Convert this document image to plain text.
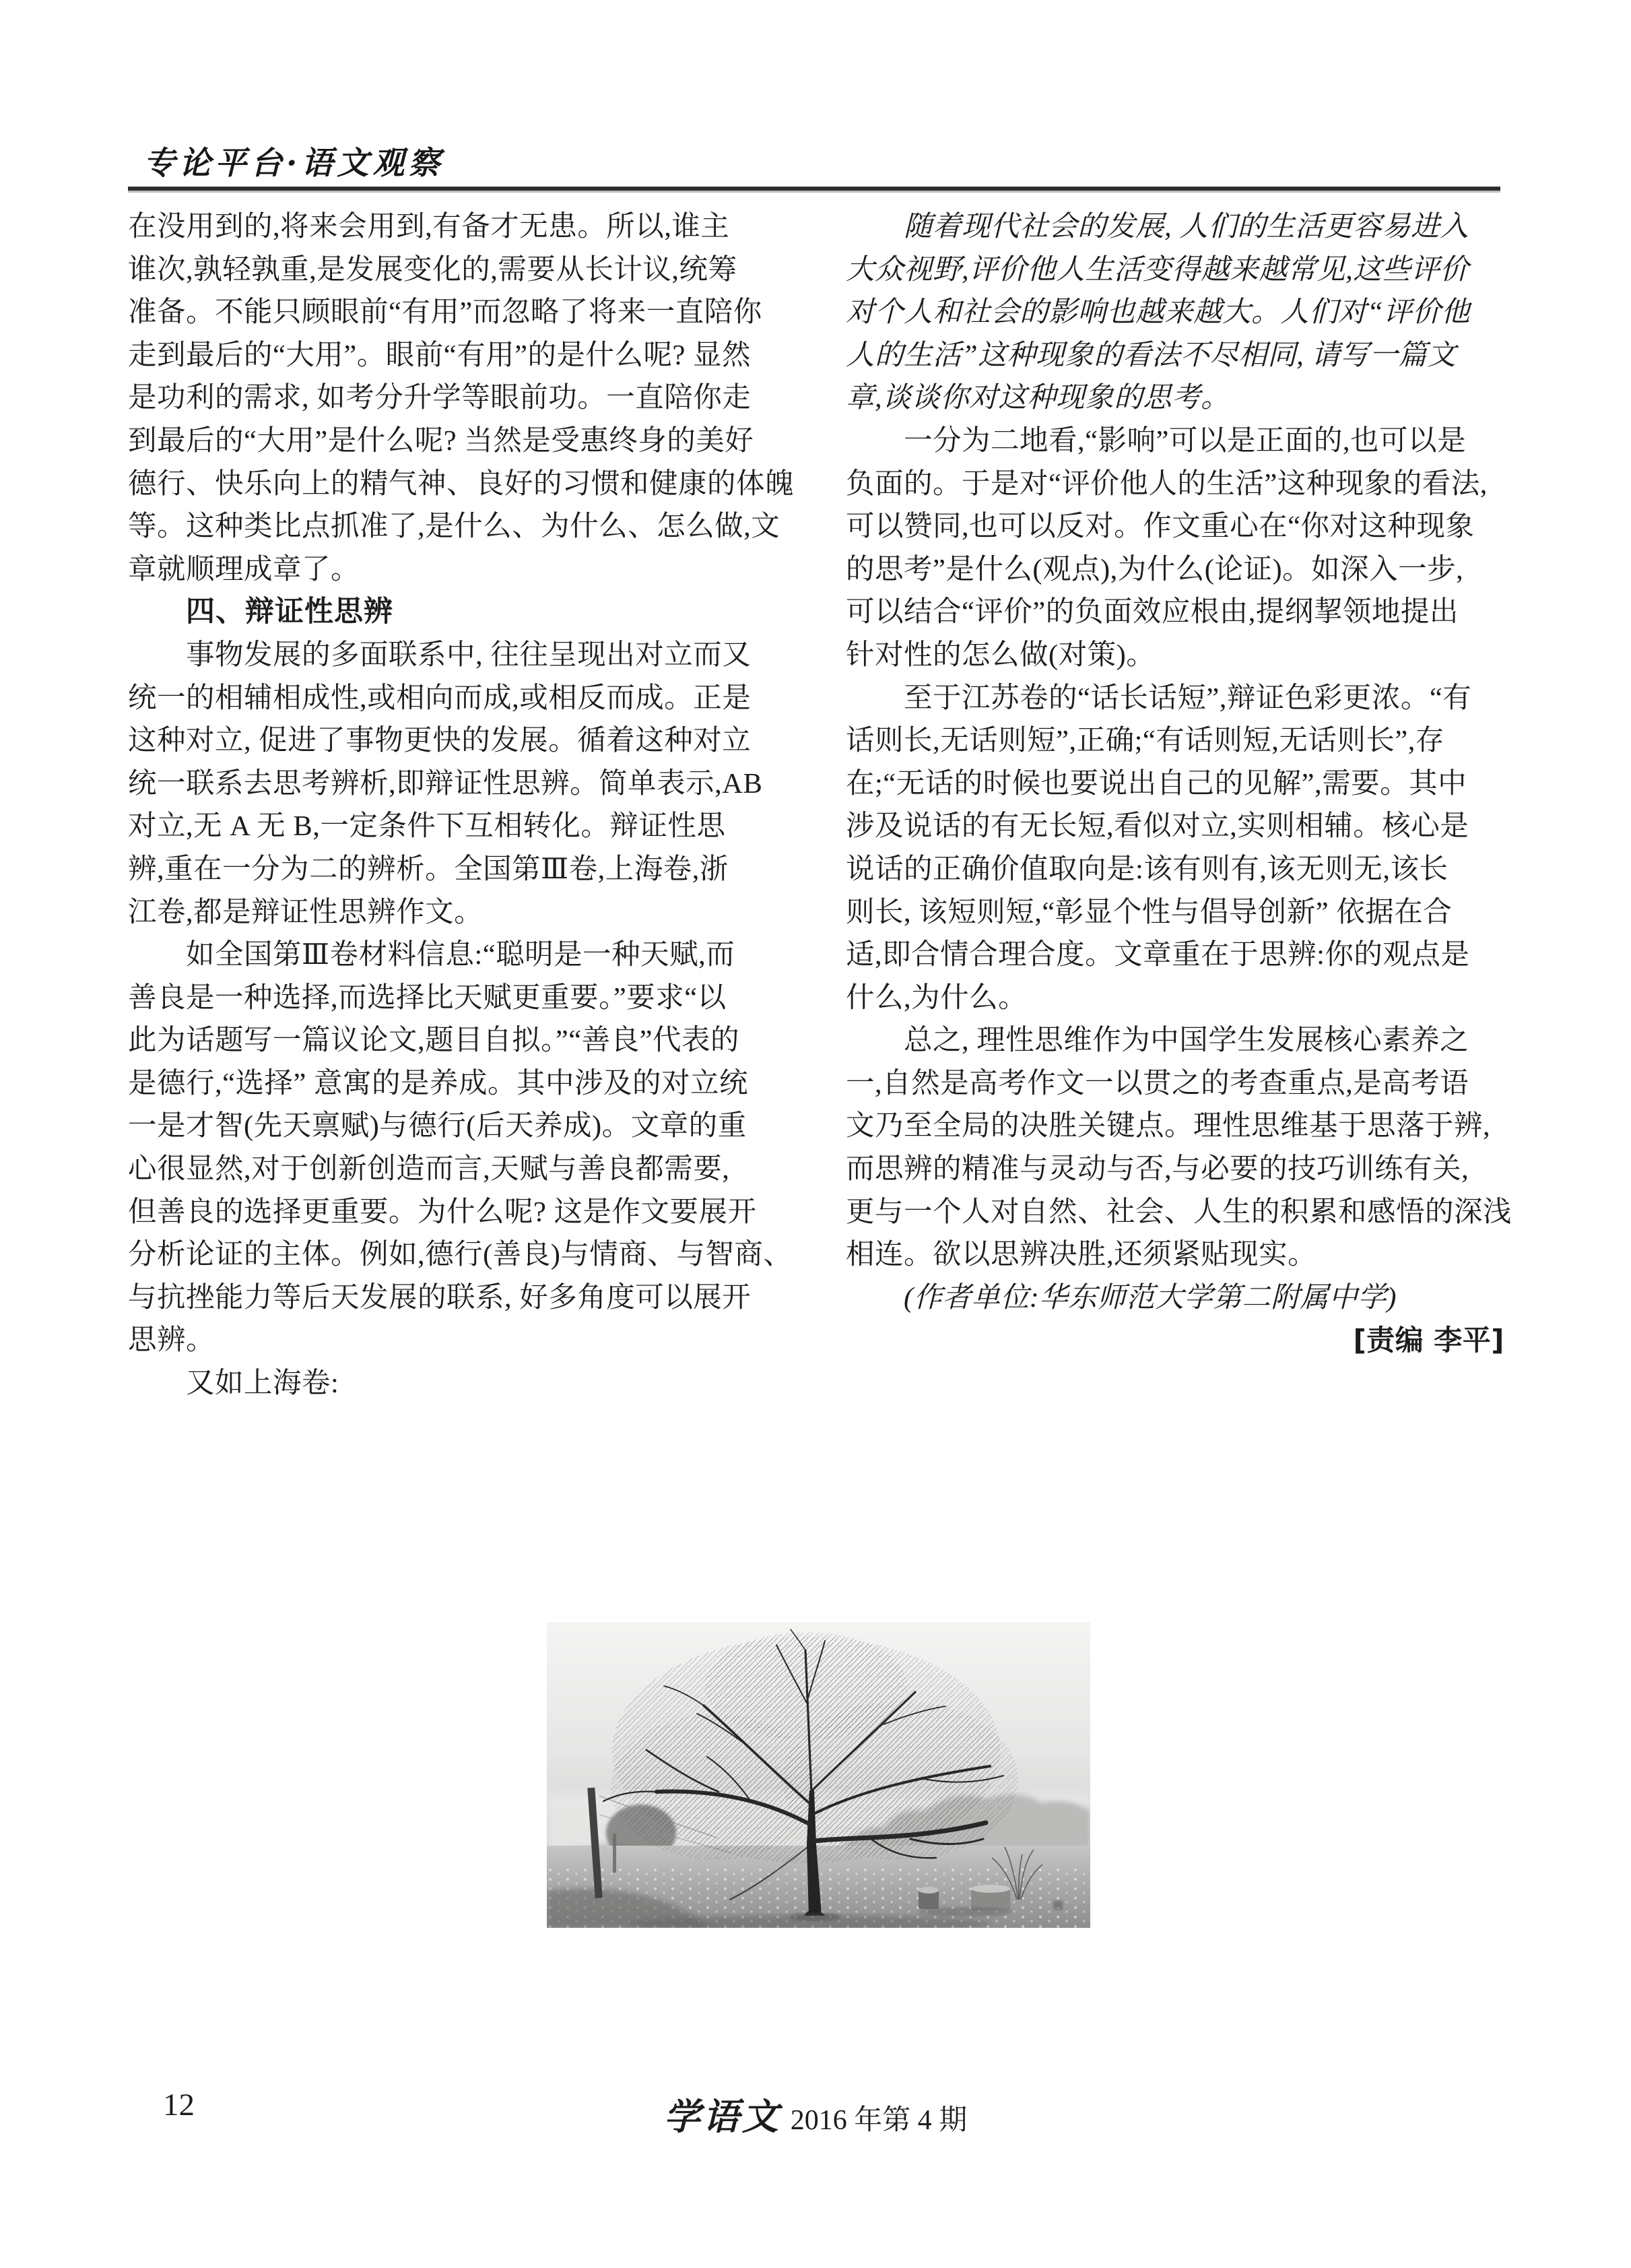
专论平台·语文观察
在没用到的,将来会用到,有备才无患。所以,谁主
谁次,孰轻孰重,是发展变化的,需要从长计议,统筹
准备。不能只顾眼前“有用”而忽略了将来一直陪你
走到最后的“大用”。眼前“有用”的是什么呢? 显然
是功利的需求, 如考分升学等眼前功。一直陪你走
到最后的“大用”是什么呢? 当然是受惠终身的美好
德行、快乐向上的精气神、良好的习惯和健康的体魄
等。这种类比点抓准了,是什么、为什么、怎么做,文
章就顺理成章了。
四、辩证性思辨
事物发展的多面联系中, 往往呈现出对立而又
统一的相辅相成性,或相向而成,或相反而成。正是
这种对立, 促进了事物更快的发展。循着这种对立
统一联系去思考辨析,即辩证性思辨。简单表示,AB
对立,无 A 无 B,一定条件下互相转化。辩证性思
辨,重在一分为二的辨析。全国第Ⅲ卷,上海卷,浙
江卷,都是辩证性思辨作文。
如全国第Ⅲ卷材料信息:“聪明是一种天赋,而
善良是一种选择,而选择比天赋更重要。”要求“以
此为话题写一篇议论文,题目自拟。”“善良”代表的
是德行,“选择” 意寓的是养成。其中涉及的对立统
一是才智(先天禀赋)与德行(后天养成)。文章的重
心很显然,对于创新创造而言,天赋与善良都需要,
但善良的选择更重要。为什么呢? 这是作文要展开
分析论证的主体。例如,德行(善良)与情商、与智商、
与抗挫能力等后天发展的联系, 好多角度可以展开
思辨。
又如上海卷:
随着现代社会的发展, 人们的生活更容易进入
大众视野,评价他人生活变得越来越常见,这些评价
对个人和社会的影响也越来越大。人们对“评价他
人的生活”这种现象的看法不尽相同, 请写一篇文
章,谈谈你对这种现象的思考。
一分为二地看,“影响”可以是正面的,也可以是
负面的。于是对“评价他人的生活”这种现象的看法,
可以赞同,也可以反对。作文重心在“你对这种现象
的思考”是什么(观点),为什么(论证)。如深入一步,
可以结合“评价”的负面效应根由,提纲挈领地提出
针对性的怎么做(对策)。
至于江苏卷的“话长话短”,辩证色彩更浓。“有
话则长,无话则短”,正确;“有话则短,无话则长”,存
在;“无话的时候也要说出自己的见解”,需要。其中
涉及说话的有无长短,看似对立,实则相辅。核心是
说话的正确价值取向是:该有则有,该无则无,该长
则长, 该短则短,“彰显个性与倡导创新” 依据在合
适,即合情合理合度。文章重在于思辨:你的观点是
什么,为什么。
总之, 理性思维作为中国学生发展核心素养之
一,自然是高考作文一以贯之的考查重点,是高考语
文乃至全局的决胜关键点。理性思维基于思落于辨,
而思辨的精准与灵动与否,与必要的技巧训练有关,
更与一个人对自然、社会、人生的积累和感悟的深浅
相连。欲以思辨决胜,还须紧贴现实。
(作者单位:华东师范大学第二附属中学)
[责编 李平]
12	学语文 2016 年第 4 期
